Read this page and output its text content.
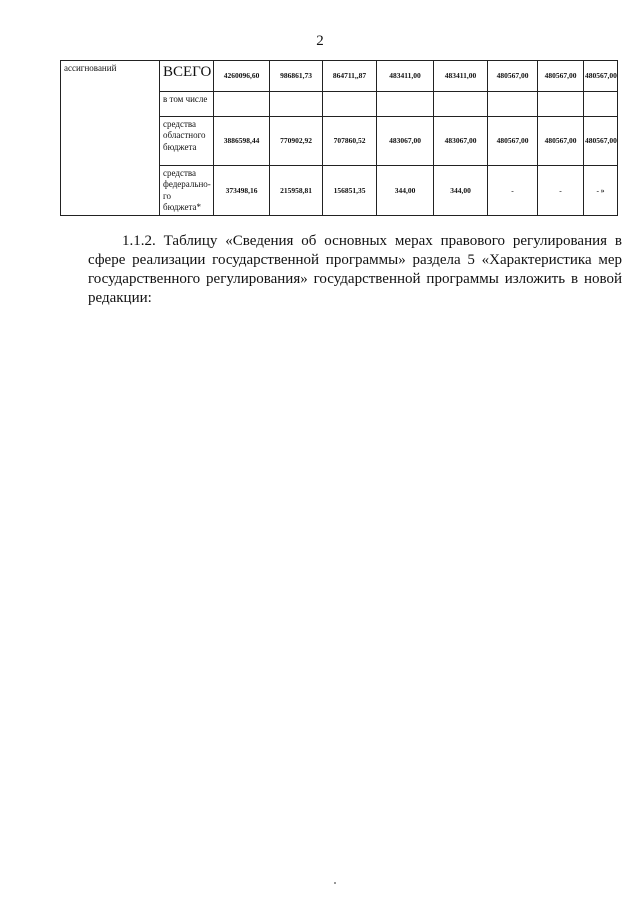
2
ассигнований	ВСЕГО	4260096,60	986861,73	864711,,87	483411,00	483411,00	480567,00	480567,00	480567,00
	в том числе								
	средства областного бюджета	3886598,44	770902,92	707860,52	483067,00	483067,00	480567,00	480567,00	480567,00
	средства федерально-го бюджета*	373498,16	215958,81	156851,35	344,00	344,00	-	-	- »

1.1.2. Таблицу «Сведения об основных мерах правового регулирования в сфере реализации государственной программы» раздела 5 «Характеристика мер государственного регулирования» государственной программы изложить в новой редакции:
